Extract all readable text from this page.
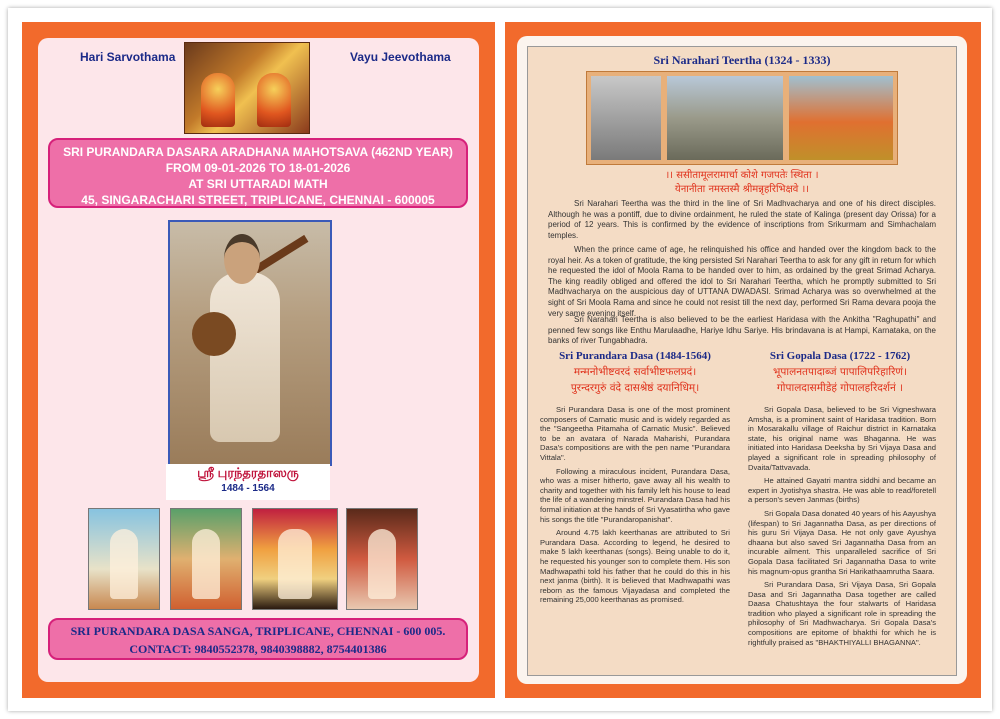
Hari Sarvothama	Vayu Jeevothama
SRI PURANDARA DASARA ARADHANA MAHOTSAVA (462ND YEAR)
FROM 09-01-2026 TO 18-01-2026
AT SRI UTTARADI MATH
45, SINGARACHARI STREET, TRIPLICANE, CHENNAI - 600005
ஸ்ரீ புரந்தரதாஸரு
1484 - 1564
SRI PURANDARA DASA SANGA, TRIPLICANE, CHENNAI - 600 005.
CONTACT: 9840552378, 9840398882, 8754401386
Sri Narahari Teertha (1324 - 1333)
।। ससीतामूलरामार्चा कोशे गजपतेः स्थिता ।
येनानीता नमस्तस्मै श्रीमन्नृहरिभिक्षवे ।।
Sri Narahari Teertha was the third in the line of Sri Madhvacharya and one of his direct disciples. Although he was a pontiff, due to divine ordainment, he ruled the state of Kalinga (present day Orissa) for a period of 12 years. This is confirmed by the evidence of inscriptions from Srikurmam and Simhachalam temples.
When the prince came of age, he relinquished his office and handed over the kingdom back to the royal heir. As a token of gratitude, the king persisted Sri Narahari Teertha to ask for any gift in return for which he requested the idol of Moola Rama to be handed over to him, as ordained by the great Srimad Acharya. The king readily obliged and offered the idol to Sri Narahari Teertha, which he promptly submitted to Sri Madhvacharya on the auspicious day of UTTANA DWADASI. Srimad Acharya was so overwhelmed at the sight of Sri Moola Rama and since he could not resist till the next day, performed Sri Rama devara pooja the very same evening itself.
Sri Narahari Teertha is also believed to be the earliest Haridasa with the Ankitha "Raghupathi" and penned few songs like Enthu Marulaadhe, Hariye Idhu Sariye. His brindavana is at Hampi, Karnataka, on the banks of river Tungabhadra.
Sri Purandara Dasa (1484-1564)
मन्मनोभीष्टवरदं सर्वाभीष्टफलप्रदं।
पुरन्दरगुरुं वंदे दासश्रेष्ठं दयानिधिम्।

Sri Purandara Dasa is one of the most prominent composers of Carnatic music and is widely regarded as the "Sangeetha Pitamaha of Carnatic Music". Believed to be an avatara of Narada Maharishi, Purandara Dasa's compositions are with the pen name "Purandara Vittala".

Following a miraculous incident, Purandara Dasa, who was a miser hitherto, gave away all his wealth to charity and together with his family left his house to lead the life of a wandering minstrel. Purandara Dasa had his formal initiation at the hands of Sri Vyasatirtha who gave his songs the title "Purandaropanishat".

Around 4.75 lakh keerthanas are attributed to Sri Purandara Dasa. According to legend, he desired to make 5 lakh keerthanas (songs). Being unable to do it, he requested his younger son to complete them. His son Madhwapathi told his father that he could do this in his next janma (birth). It is believed that Madhwapathi was reborn as the famous Vijayadasa and completed the remaining 25,000 keerthanas as promised.

Sri Gopala Dasa (1722 - 1762)
भूपालनतपादाब्जं पापालिपरिहारिणं।
गोपालदासमीडेहं गोपालहरिदर्शनं ।

Sri Gopala Dasa, believed to be Sri Vigneshwara Amsha, is a prominent saint of Haridasa tradition. Born in Mosarakallu village of Raichur district in Karnataka state, his original name was Bhaganna. He was initiated into Haridasa Deeksha by Sri Vijaya Dasa and played a significant role in spreading philosophy of Dvaita/Tattvavada.

He attained Gayatri mantra siddhi and became an expert in Jyotishya shastra. He was able to read/foretell a person's seven Janmas (births)

Sri Gopala Dasa donated 40 years of his Aayushya (lifespan) to Sri Jagannatha Dasa, as per directions of his guru Sri Vijaya Dasa. He not only gave Ayushya dhaana but also saved Sri Jagannatha Dasa from an incurable ailment. This unparalleled sacrifice of Sri Gopala Dasa facilitated Sri Jagannatha Dasa to write his magnum-opus grantha Sri Harikathaamrutha Saara.

Sri Purandara Dasa, Sri Vijaya Dasa, Sri Gopala Dasa and Sri Jagannatha Dasa together are called Daasa Chatushtaya the four stalwarts of Haridasa tradition who played a significant role in spreading the philosophy of Sri Madhwacharya. Sri Gopala Dasa's compositions are epitome of bhakthi for which he is rightfully praised as "BHAKTHIYALLI BHAGANNA".
